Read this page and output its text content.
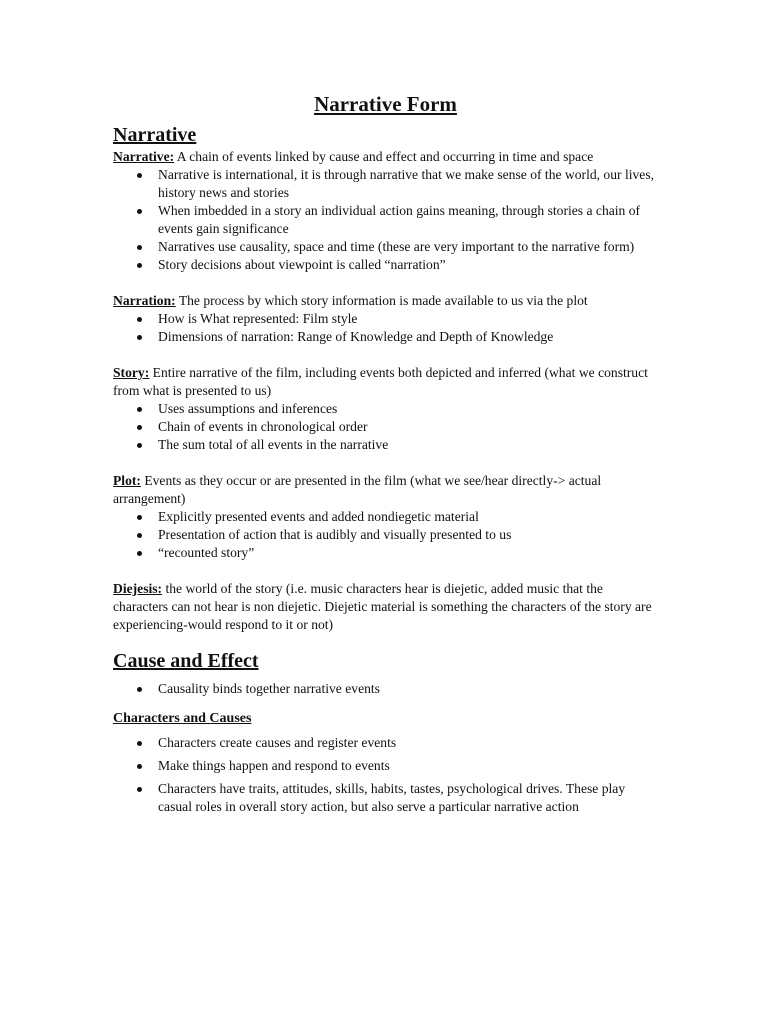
Narrative Form
Narrative

Narrative: A chain of events linked by cause and effect and occurring in time and space

Narrative is international, it is through narrative that we make sense of the world, our lives, history news and stories
When imbedded in a story an individual action gains meaning, through stories a chain of events gain significance
Narratives use causality, space and time (these are very important to the narrative form)
Story decisions about viewpoint is called “narration”

Narration: The process by which story information is made available to us via the plot

How is What represented: Film style
Dimensions of narration: Range of Knowledge and Depth of Knowledge

Story: Entire narrative of the film, including events both depicted and inferred (what we construct from what is presented to us)

Uses assumptions and inferences
Chain of events in chronological order
The sum total of all events in the narrative

Plot: Events as they occur or are presented in the film (what we see/hear directly-> actual arrangement)

Explicitly presented events and added nondiegetic material
Presentation of action that is audibly and visually presented to us
“recounted story”

Diejesis: the world of the story (i.e. music characters hear is diejetic, added music that the characters can not hear is non diejetic. Diejetic material is something the characters of the story are experiencing-would respond to it or not)

Cause and Effect
Causality binds together narrative events
Characters and Causes
Characters create causes and register events
Make things happen and respond to events
Characters have traits, attitudes, skills, habits, tastes, psychological drives. These play casual roles in overall story action, but also serve a particular narrative action
